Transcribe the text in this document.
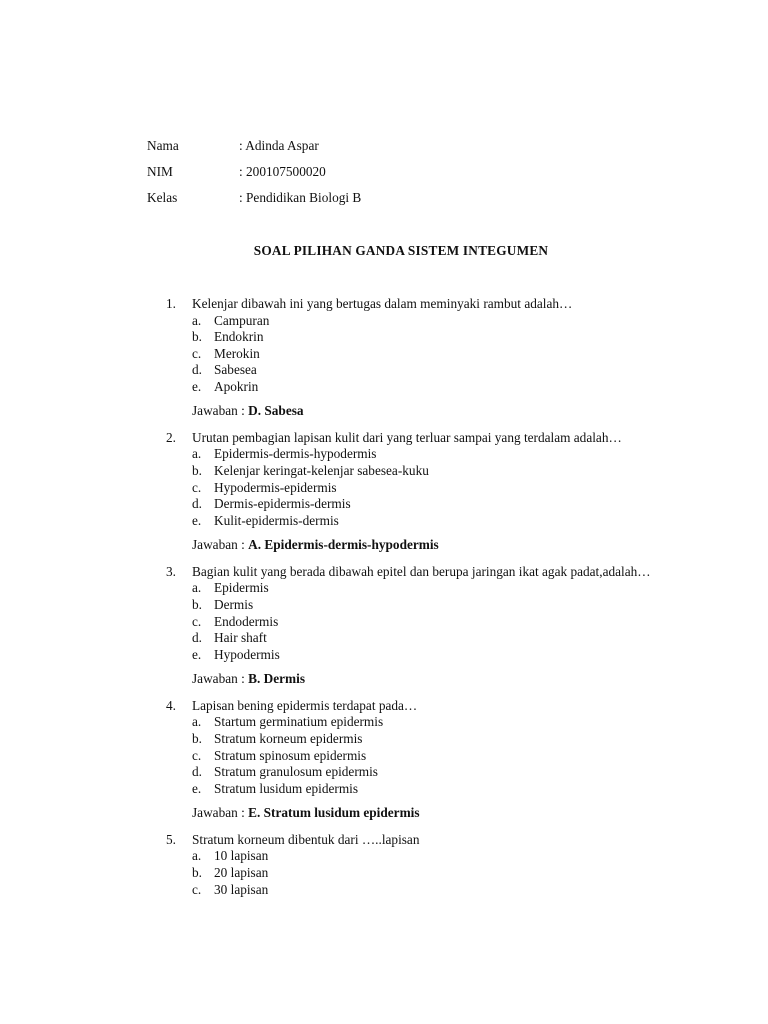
Nama	: Adinda Aspar
NIM	: 200107500020
Kelas	: Pendidikan Biologi B
SOAL PILIHAN GANDA SISTEM INTEGUMEN
1.	Kelenjar dibawah ini yang bertugas dalam meminyaki rambut adalah…
a. Campuran
b. Endokrin
c. Merokin
d. Sabesea
e. Apokrin
Jawaban : D. Sabesa
2.	Urutan pembagian lapisan kulit dari yang terluar sampai yang terdalam adalah…
a. Epidermis-dermis-hypodermis
b. Kelenjar keringat-kelenjar sabesea-kuku
c. Hypodermis-epidermis
d. Dermis-epidermis-dermis
e. Kulit-epidermis-dermis
Jawaban : A. Epidermis-dermis-hypodermis
3.	Bagian kulit yang berada dibawah epitel dan berupa jaringan ikat agak padat,adalah…
a. Epidermis
b. Dermis
c. Endodermis
d. Hair shaft
e. Hypodermis
Jawaban : B. Dermis
4.	Lapisan bening epidermis terdapat pada…
a. Startum germinatium epidermis
b. Stratum korneum epidermis
c. Stratum spinosum epidermis
d. Stratum granulosum epidermis
e. Stratum lusidum epidermis
Jawaban : E. Stratum lusidum epidermis
5.	Stratum korneum dibentuk dari …..lapisan
a. 10 lapisan
b. 20 lapisan
c. 30 lapisan
